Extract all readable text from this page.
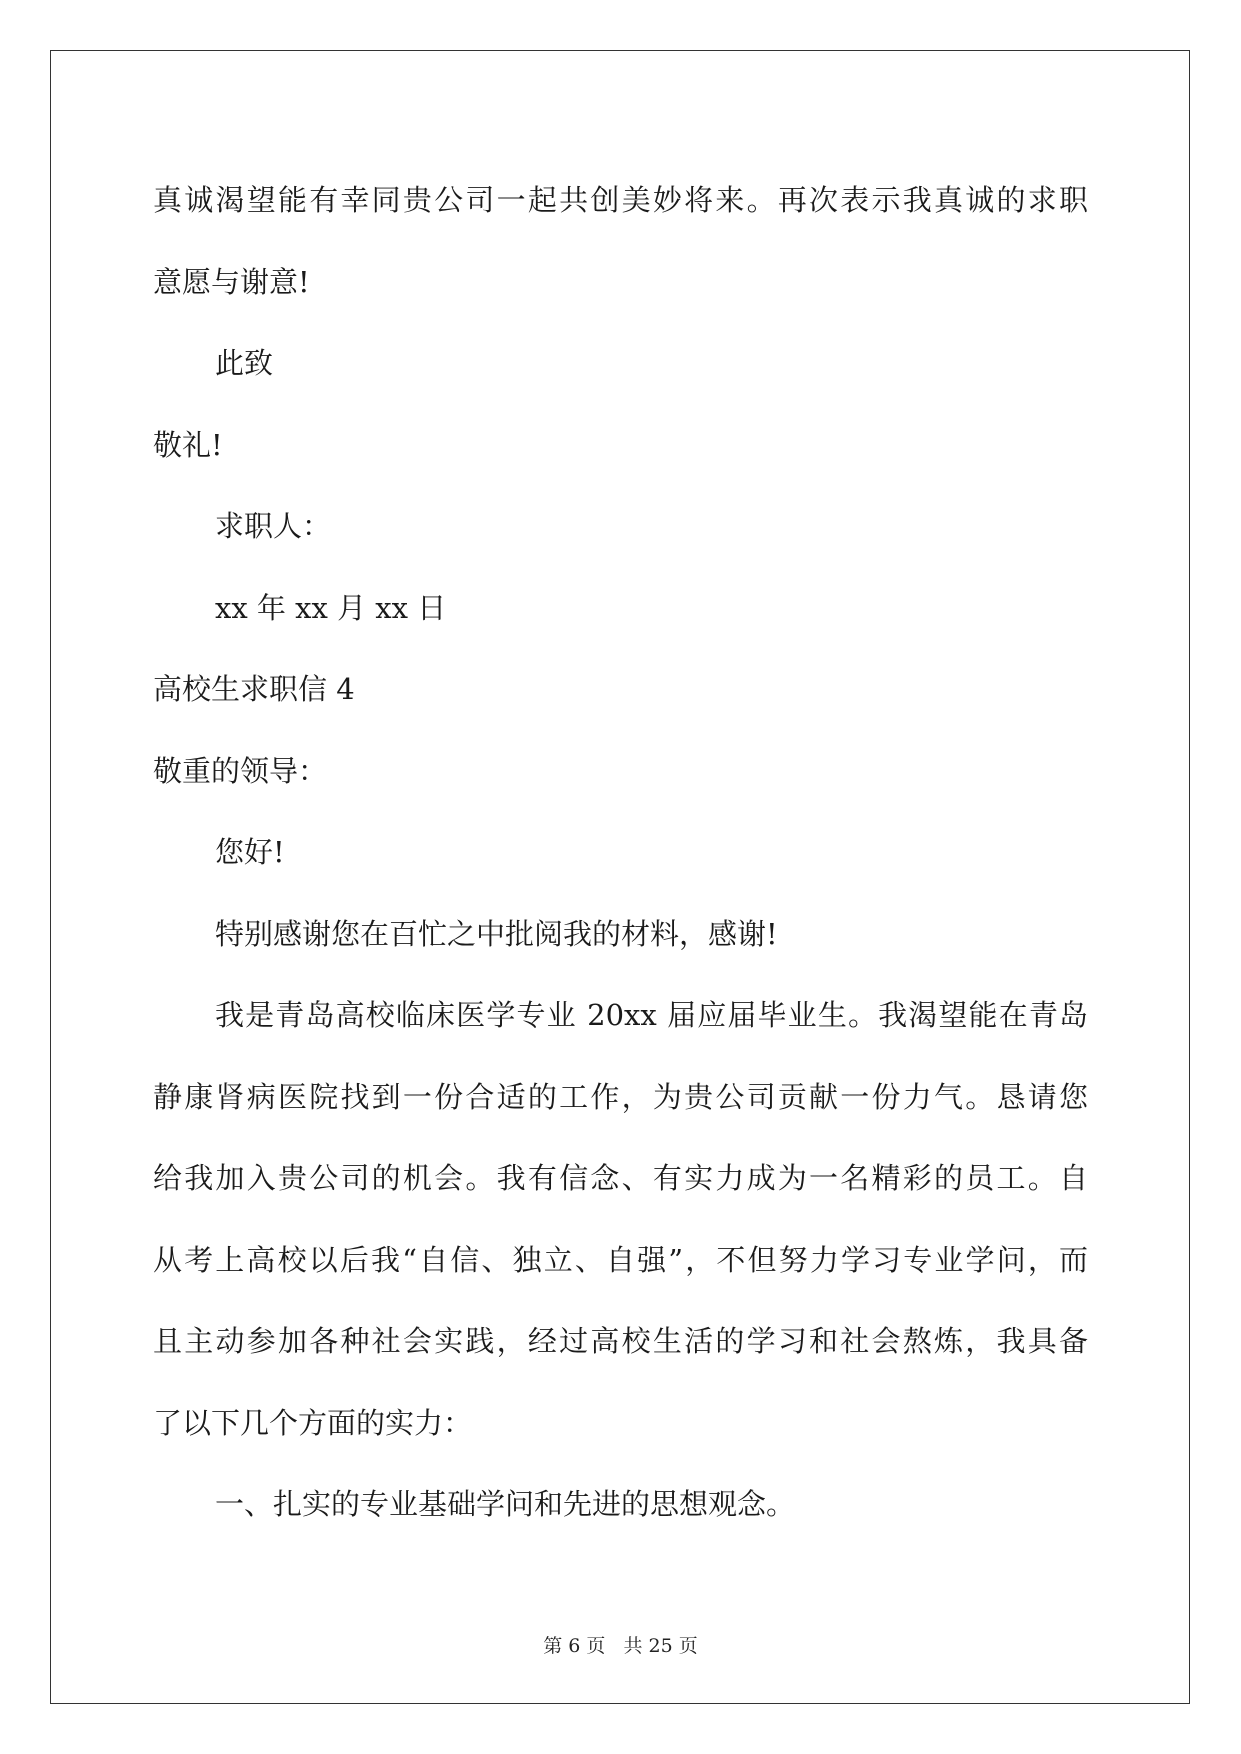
真诚渴望能有幸同贵公司一起共创美妙将来。再次表示我真诚的求职
意愿与谢意!
此致
敬礼!
求职人：
xx 年 xx 月 xx 日
高校生求职信 4
敬重的领导：
您好!
特别感谢您在百忙之中批阅我的材料，感谢!
我是青岛高校临床医学专业 20xx 届应届毕业生。我渴望能在青岛
静康肾病医院找到一份合适的工作，为贵公司贡献一份力气。恳请您
给我加入贵公司的机会。我有信念、有实力成为一名精彩的员工。自
从考上高校以后我“自信、独立、自强”，不但努力学习专业学问，而
且主动参加各种社会实践，经过高校生活的学习和社会熬炼，我具备
了以下几个方面的实力：
一、扎实的专业基础学问和先进的思想观念。
第 6 页 共 25 页
